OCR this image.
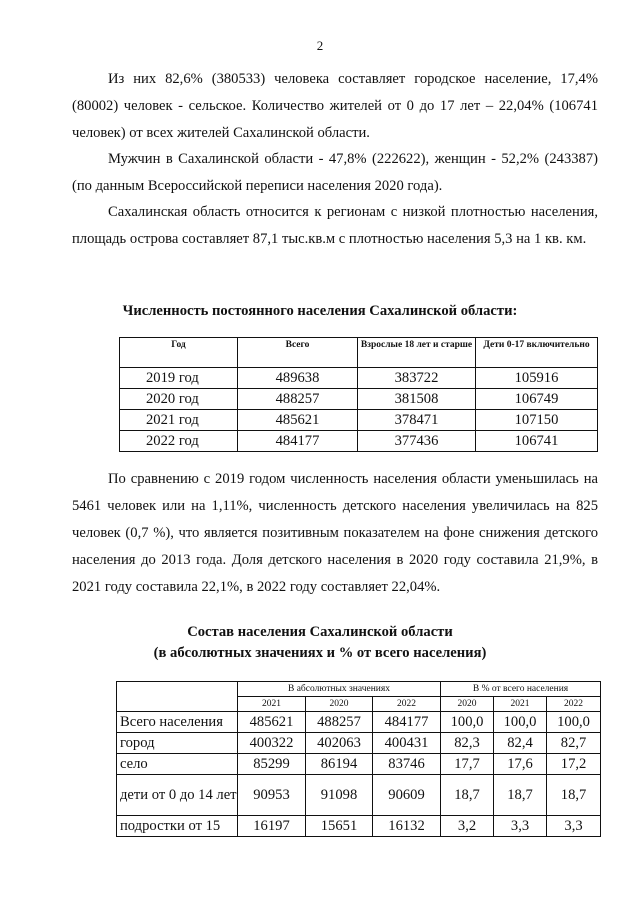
2
Из них 82,6% (380533) человека составляет городское население, 17,4% (80002) человек - сельское. Количество жителей от 0 до 17 лет – 22,04% (106741 человек) от всех жителей Сахалинской области.
Мужчин в Сахалинской области - 47,8% (222622), женщин - 52,2% (243387) (по данным Всероссийской переписи населения 2020 года).
Сахалинская область относится к регионам с низкой плотностью населения, площадь острова составляет 87,1 тыс.кв.м с плотностью населения 5,3 на 1 кв. км.
Численность постоянного населения Сахалинской области:
Год	Всего	Взрослые 18 лет и старше	Дети 0-17 включительно
2019 год	489638	383722	105916
2020 год	488257	381508	106749
2021 год	485621	378471	107150
2022 год	484177	377436	106741
По сравнению с 2019 годом численность населения области уменьшилась на 5461 человек или на 1,11%, численность детского населения увеличилась на 825 человек (0,7 %), что является позитивным показателем на фоне снижения детского населения до 2013 года. Доля детского населения в 2020 году составила 21,9%, в 2021 году составила 22,1%, в 2022 году составляет 22,04%.
Состав населения Сахалинской области
(в абсолютных значениях и % от всего населения)
	В абсолютных значениях			В % от всего населения		
	2021	2020	2022	2020	2021	2022
Всего населения	485621	488257	484177	100,0	100,0	100,0
город	400322	402063	400431	82,3	82,4	82,7
село	85299	86194	83746	17,7	17,6	17,2
дети от 0 до 14 лет	90953	91098	90609	18,7	18,7	18,7
подростки от 15	16197	15651	16132	3,2	3,3	3,3
